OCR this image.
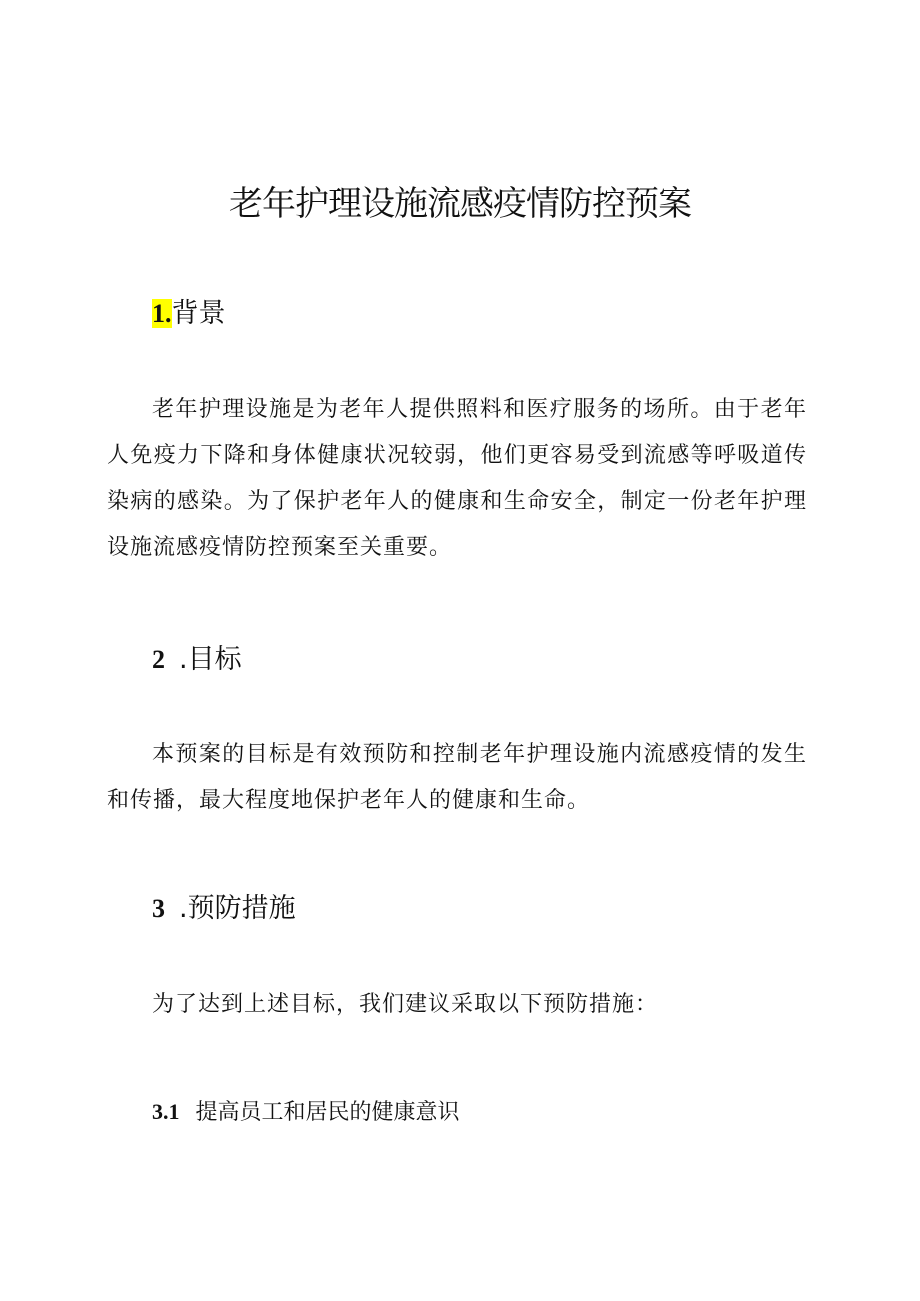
老年护理设施流感疫情防控预案
1.背景

老年护理设施是为老年人提供照料和医疗服务的场所。由于老年人免疫力下降和身体健康状况较弱，他们更容易受到流感等呼吸道传染病的感染。为了保护老年人的健康和生命安全，制定一份老年护理设施流感疫情防控预案至关重要。

2 .目标

本预案的目标是有效预防和控制老年护理设施内流感疫情的发生和传播，最大程度地保护老年人的健康和生命。

3 .预防措施

为了达到上述目标，我们建议采取以下预防措施：

3.1 提高员工和居民的健康意识
